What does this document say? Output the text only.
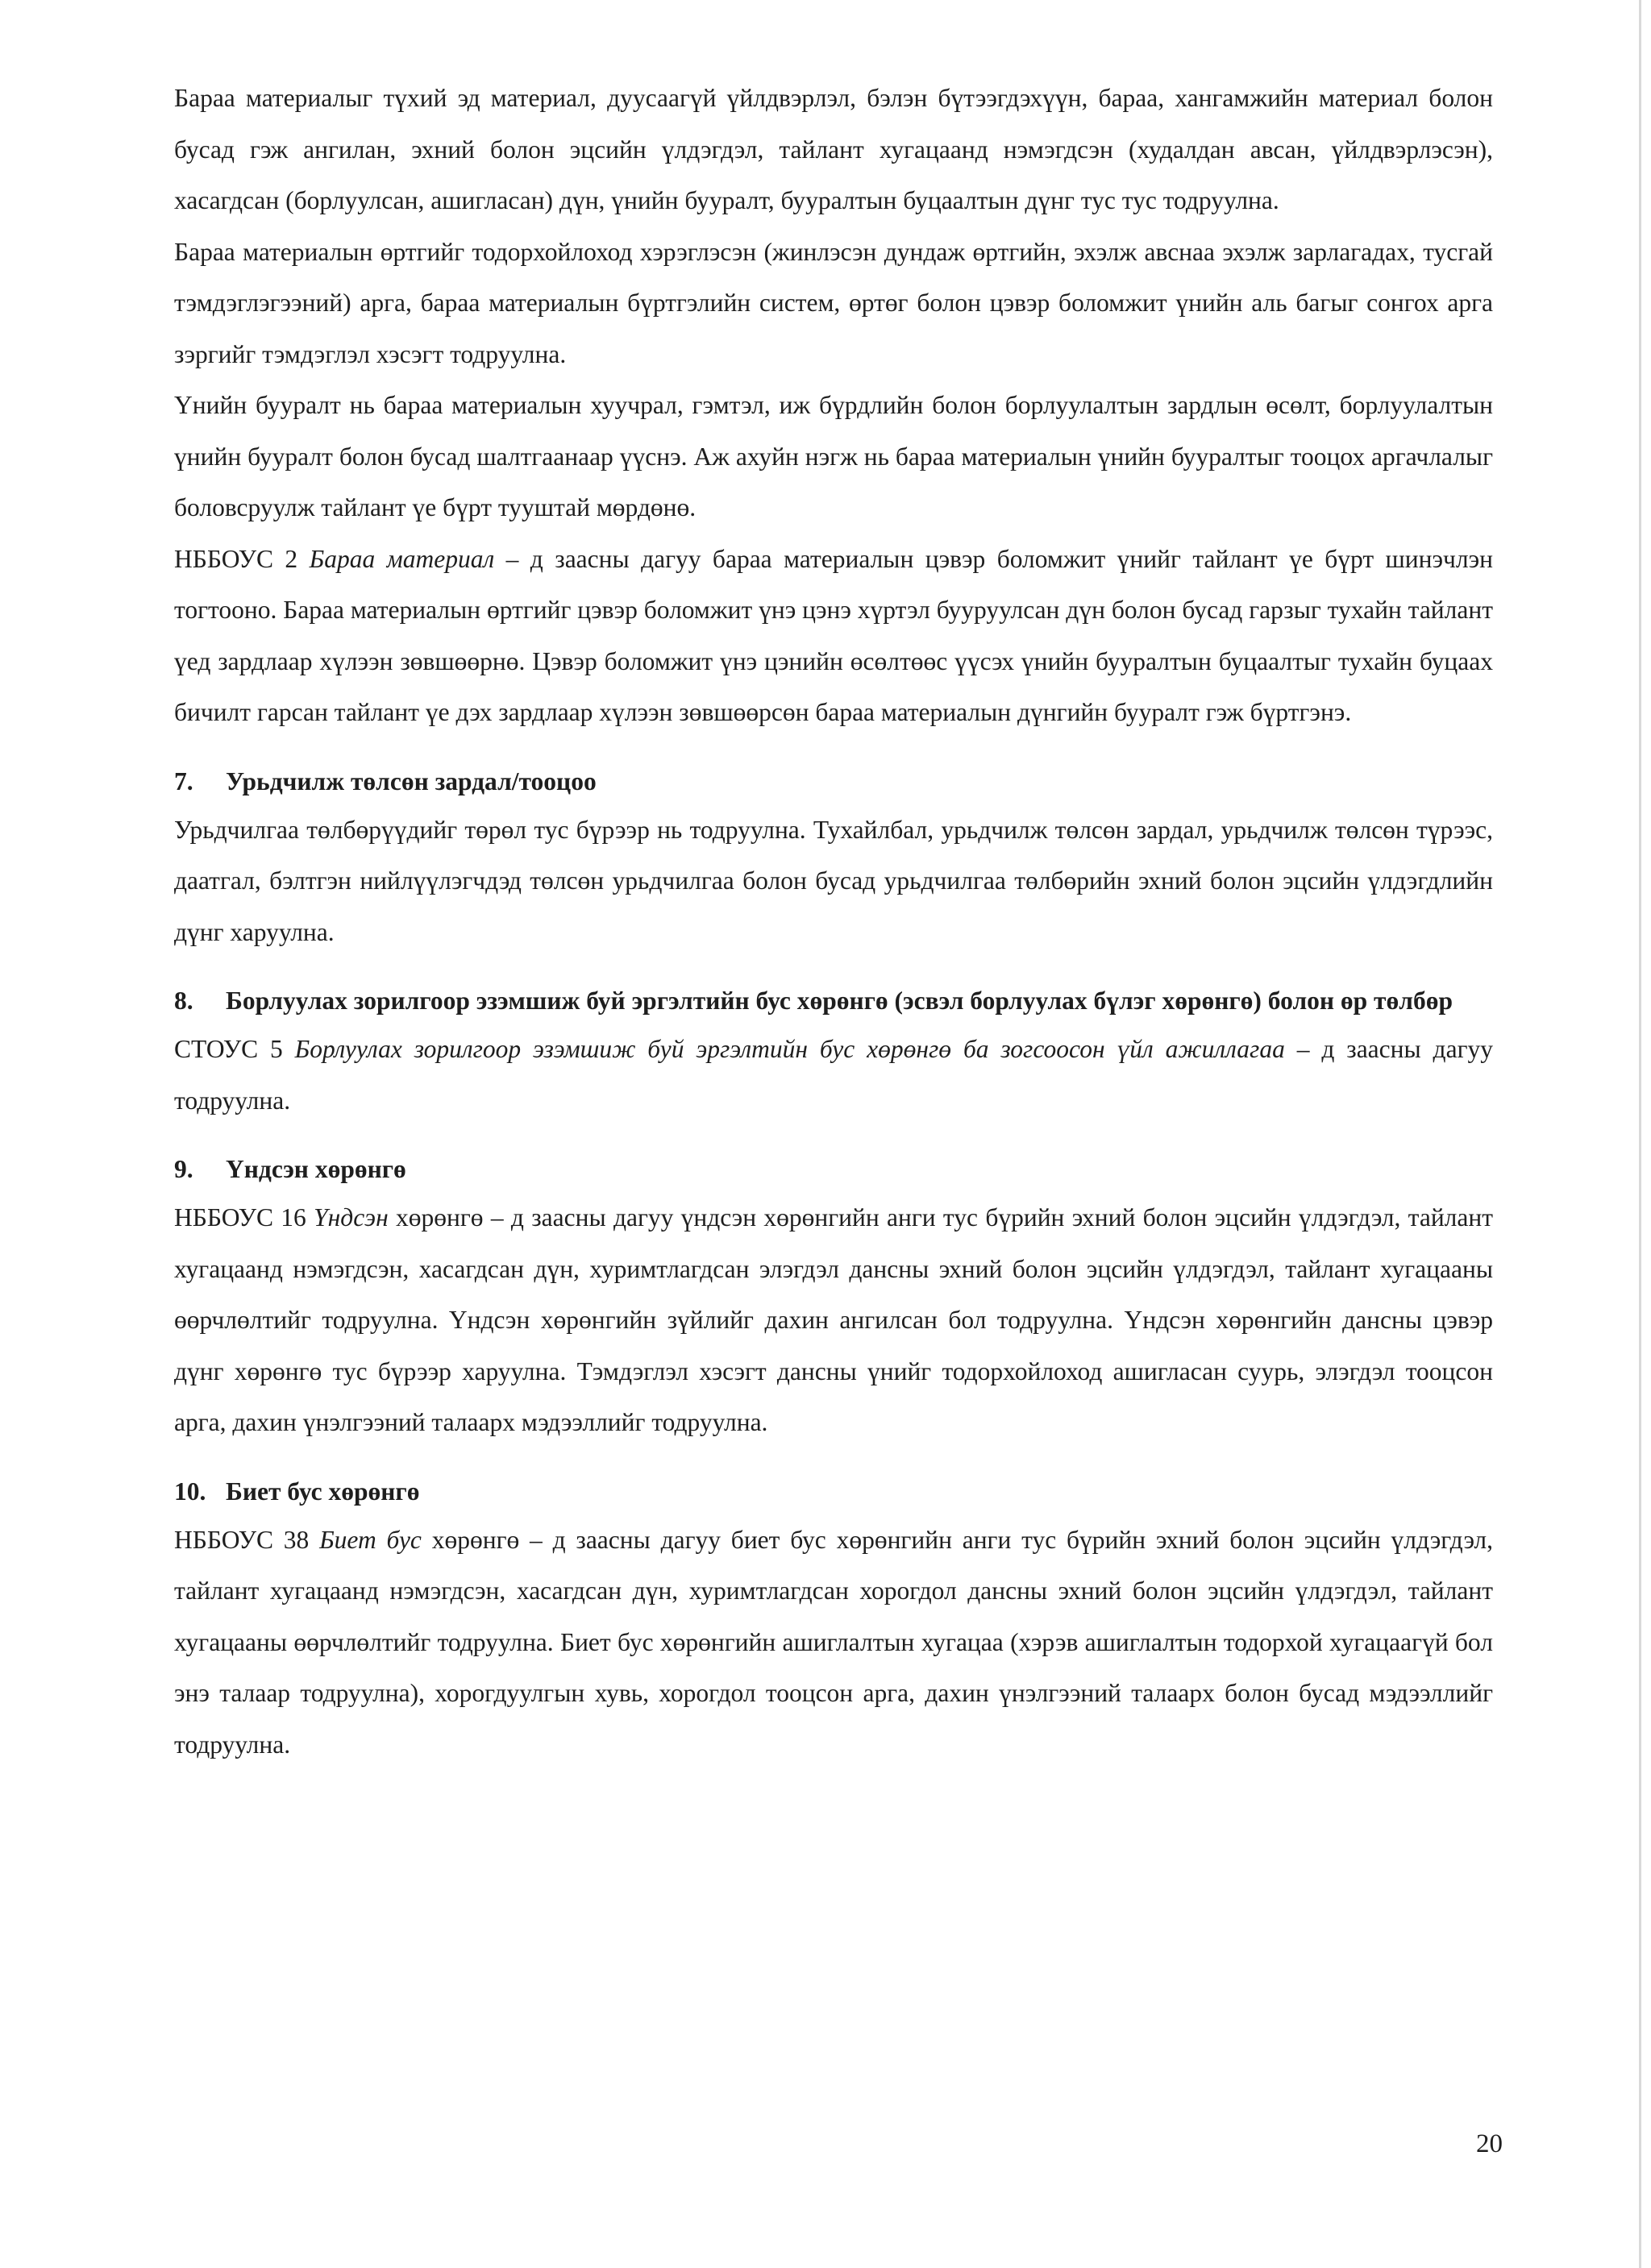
Бараа материалыг түхий эд материал, дуусаагүй үйлдвэрлэл, бэлэн бүтээгдэхүүн, бараа, хангамжийн материал болон бусад гэж ангилан, эхний болон эцсийн үлдэгдэл, тайлант хугацаанд нэмэгдсэн (худалдан авсан, үйлдвэрлэсэн), хасагдсан (борлуулсан, ашигласан) дүн, үнийн бууралт, бууралтын буцаалтын дүнг тус тус тодруулна.

Бараа материалын өртгийг тодорхойлоход хэрэглэсэн (жинлэсэн дундаж өртгийн, эхэлж авснаа эхэлж зарлагадах, тусгай тэмдэглэгээний) арга, бараа материалын бүртгэлийн систем, өртөг болон цэвэр боломжит үнийн аль багыг сонгох арга зэргийг тэмдэглэл хэсэгт тодруулна.

Үнийн бууралт нь бараа материалын хуучрал, гэмтэл, иж бүрдлийн болон борлуулалтын зардлын өсөлт, борлуулалтын үнийн бууралт болон бусад шалтгаанаар үүснэ. Аж ахуйн нэгж нь бараа материалын үнийн бууралтыг тооцох аргачлалыг боловсруулж тайлант үе бүрт тууштай мөрдөнө.

НББОУС 2 Бараа материал – д заасны дагуу бараа материалын цэвэр боломжит үнийг тайлант үе бүрт шинэчлэн тогтооно. Бараа материалын өртгийг цэвэр боломжит үнэ цэнэ хүртэл бууруулсан дүн болон бусад гарзыг тухайн тайлант үед зардлаар хүлээн зөвшөөрнө. Цэвэр боломжит үнэ цэнийн өсөлтөөс үүсэх үнийн бууралтын буцаалтыг тухайн буцаах бичилт гарсан тайлант үе дэх зардлаар хүлээн зөвшөөрсөн бараа материалын дүнгийн бууралт гэж бүртгэнэ.

7.	Урьдчилж төлсөн зардал/тооцоо

Урьдчилгаа төлбөрүүдийг төрөл тус бүрээр нь тодруулна. Тухайлбал, урьдчилж төлсөн зардал, урьдчилж төлсөн түрээс, даатгал, бэлтгэн нийлүүлэгчдэд төлсөн урьдчилгаа болон бусад урьдчилгаа төлбөрийн эхний болон эцсийн үлдэгдлийн дүнг харуулна.

8.	Борлуулах зорилгоор эзэмшиж буй эргэлтийн бус хөрөнгө (эсвэл борлуулах бүлэг хөрөнгө) болон өр төлбөр

СТОУС 5 Борлуулах зорилгоор эзэмшиж буй эргэлтийн бус хөрөнгө ба зогсоосон үйл ажиллагаа – д заасны дагуу тодруулна.

9.	Үндсэн хөрөнгө

НББОУС 16 Үндсэн хөрөнгө – д заасны дагуу үндсэн хөрөнгийн анги тус бүрийн эхний болон эцсийн үлдэгдэл, тайлант хугацаанд нэмэгдсэн, хасагдсан дүн, хуримтлагдсан элэгдэл дансны эхний болон эцсийн үлдэгдэл, тайлант хугацааны өөрчлөлтийг тодруулна. Үндсэн хөрөнгийн зүйлийг дахин ангилсан бол тодруулна. Үндсэн хөрөнгийн дансны цэвэр дүнг хөрөнгө тус бүрээр харуулна. Тэмдэглэл хэсэгт дансны үнийг тодорхойлоход ашигласан суурь, элэгдэл тооцсон арга, дахин үнэлгээний талаарх мэдээллийг тодруулна.

10. Биет бус хөрөнгө

НББОУС 38 Биет бус хөрөнгө – д заасны дагуу биет бус хөрөнгийн анги тус бүрийн эхний болон эцсийн үлдэгдэл, тайлант хугацаанд нэмэгдсэн, хасагдсан дүн, хуримтлагдсан хорогдол дансны эхний болон эцсийн үлдэгдэл, тайлант хугацааны өөрчлөлтийг тодруулна. Биет бус хөрөнгийн ашиглалтын хугацаа (хэрэв ашиглалтын тодорхой хугацаагүй бол энэ талаар тодруулна), хорогдуулгын хувь, хорогдол тооцсон арга, дахин үнэлгээний талаарх болон бусад мэдээллийг тодруулна.

20
